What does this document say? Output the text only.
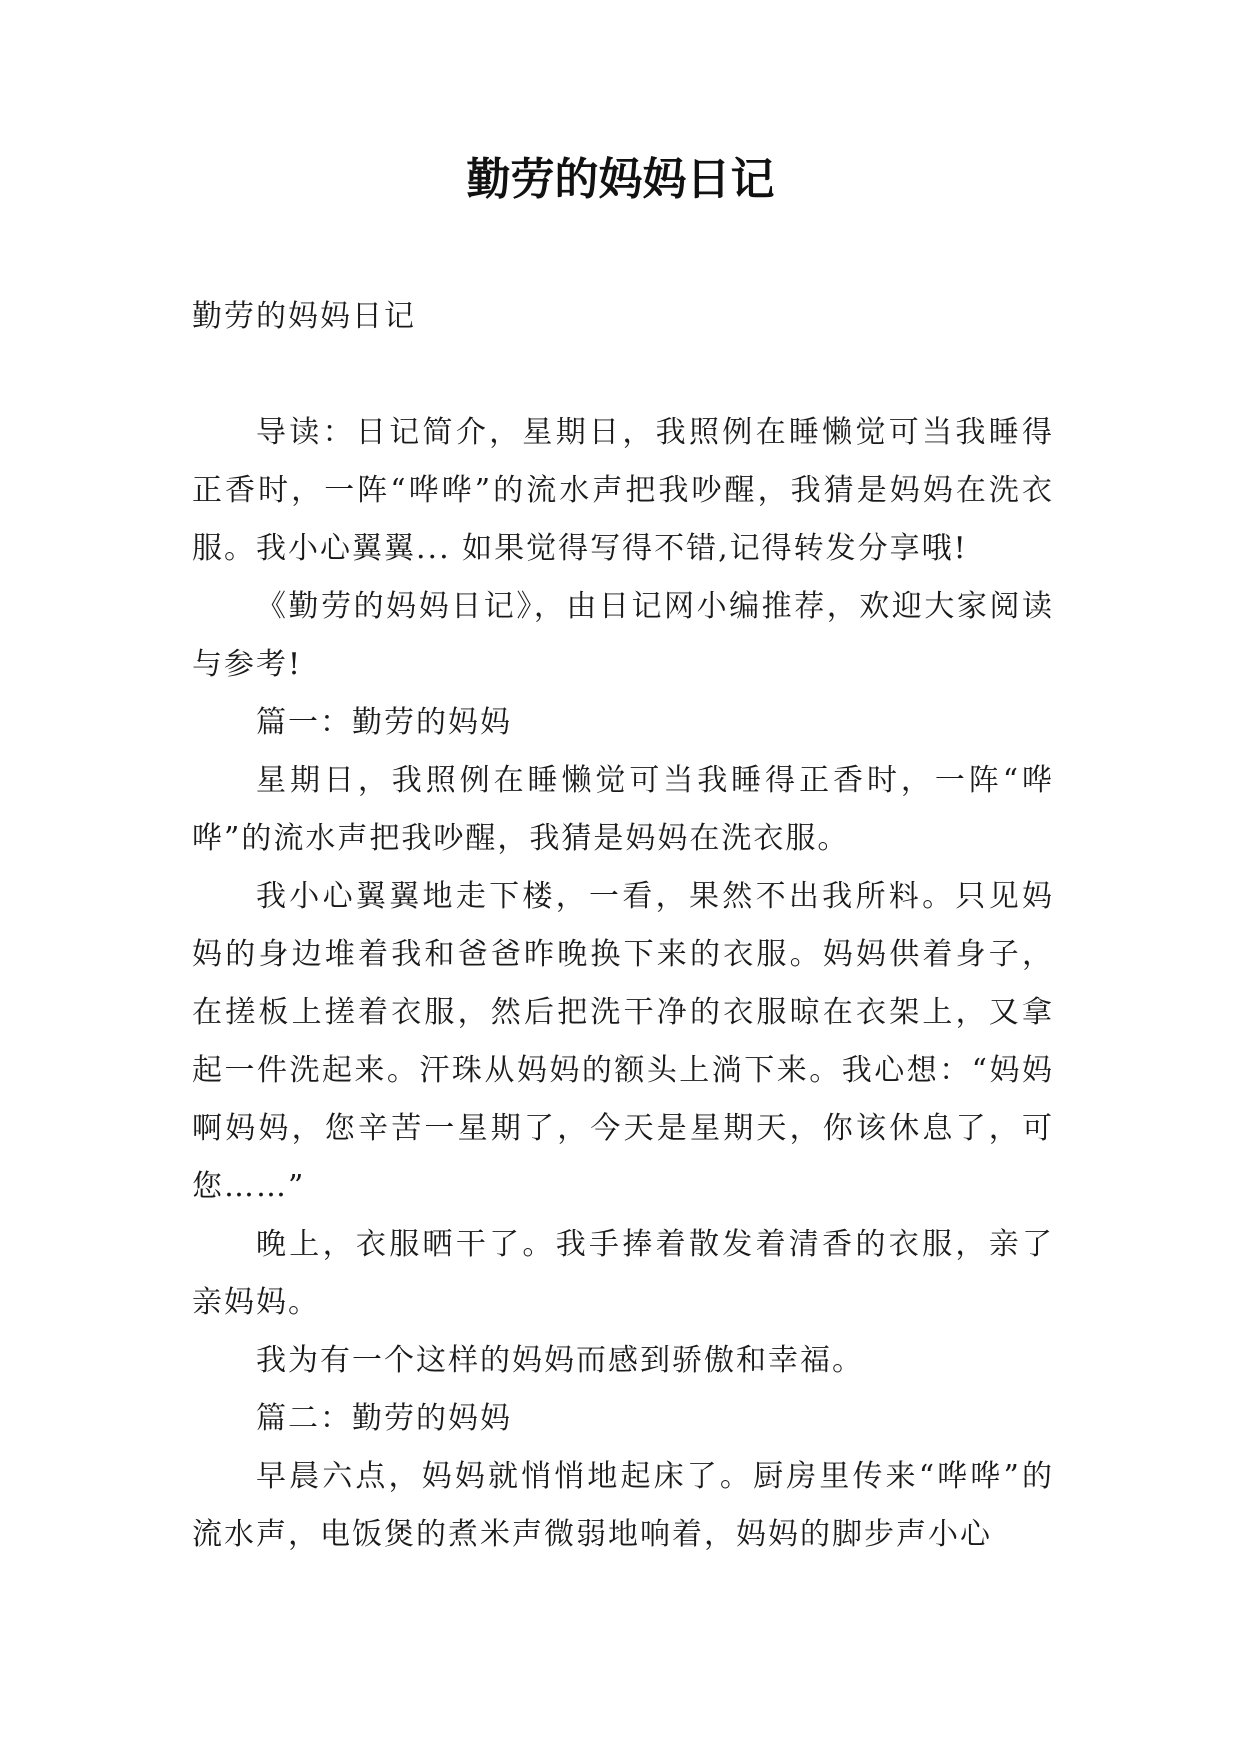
勤劳的妈妈日记

勤劳的妈妈日记

导读：日记简介，星期日，我照例在睡懒觉可当我睡得正香时，一阵“哗哗”的流水声把我吵醒，我猜是妈妈在洗衣服。我小心翼翼... 如果觉得写得不错,记得转发分享哦!

《勤劳的妈妈日记》，由日记网小编推荐，欢迎大家阅读与参考!

篇一：勤劳的妈妈

星期日，我照例在睡懒觉可当我睡得正香时，一阵“哗哗”的流水声把我吵醒，我猜是妈妈在洗衣服。

我小心翼翼地走下楼，一看，果然不出我所料。只见妈妈的身边堆着我和爸爸昨晚换下来的衣服。妈妈供着身子，在搓板上搓着衣服，然后把洗干净的衣服晾在衣架上，又拿起一件洗起来。汗珠从妈妈的额头上淌下来。我心想：“妈妈啊妈妈，您辛苦一星期了，今天是星期天，你该休息了，可您……”

晚上，衣服晒干了。我手捧着散发着清香的衣服，亲了亲妈妈。

我为有一个这样的妈妈而感到骄傲和幸福。

篇二：勤劳的妈妈

早晨六点，妈妈就悄悄地起床了。厨房里传来“哗哗”的流水声，电饭煲的煮米声微弱地响着，妈妈的脚步声小心
